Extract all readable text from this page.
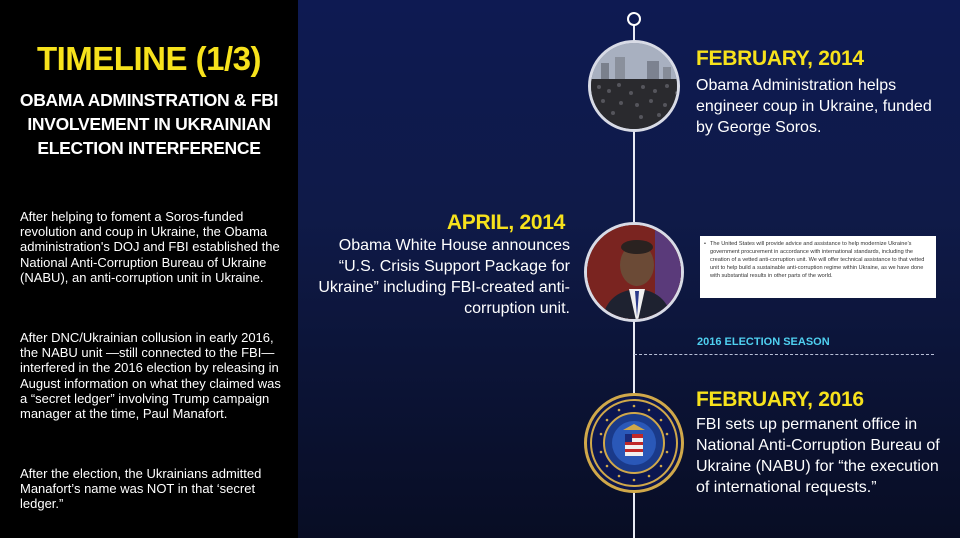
TIMELINE (1/3)
OBAMA ADMINSTRATION & FBI INVOLVEMENT IN UKRAINIAN ELECTION INTERFERENCE
After helping to foment a Soros-funded revolution and coup in Ukraine, the Obama administration's DOJ and FBI established the National Anti-Corruption Bureau of Ukraine (NABU), an anti-corruption unit in Ukraine.
After DNC/Ukrainian collusion in early 2016, the NABU unit —still connected to the FBI—interfered in the 2016 election by releasing in August information on what they claimed was a “secret ledger” involving Trump campaign manager at the time, Paul Manafort.
After the election, the Ukrainians admitted Manafort’s name was NOT in that ‘secret ledger.”
FEBRUARY, 2014
Obama Administration helps engineer coup in Ukraine, funded by George Soros.
APRIL, 2014
Obama White House announces “U.S. Crisis Support Package for Ukraine” including FBI-created anti-corruption unit.
• The United States will provide advice and assistance to help modernize Ukraine’s government procurement in accordance with international standards, including the creation of a vetted anti-corruption unit. We will offer technical assistance to that vetted unit to help build a sustainable anti-corruption regime within Ukraine, as we have done with substantial results in other parts of the world.
2016 ELECTION SEASON
FEBRUARY, 2016
FBI sets up permanent office in National Anti-Corruption Bureau of Ukraine (NABU) for “the execution of international requests.”
